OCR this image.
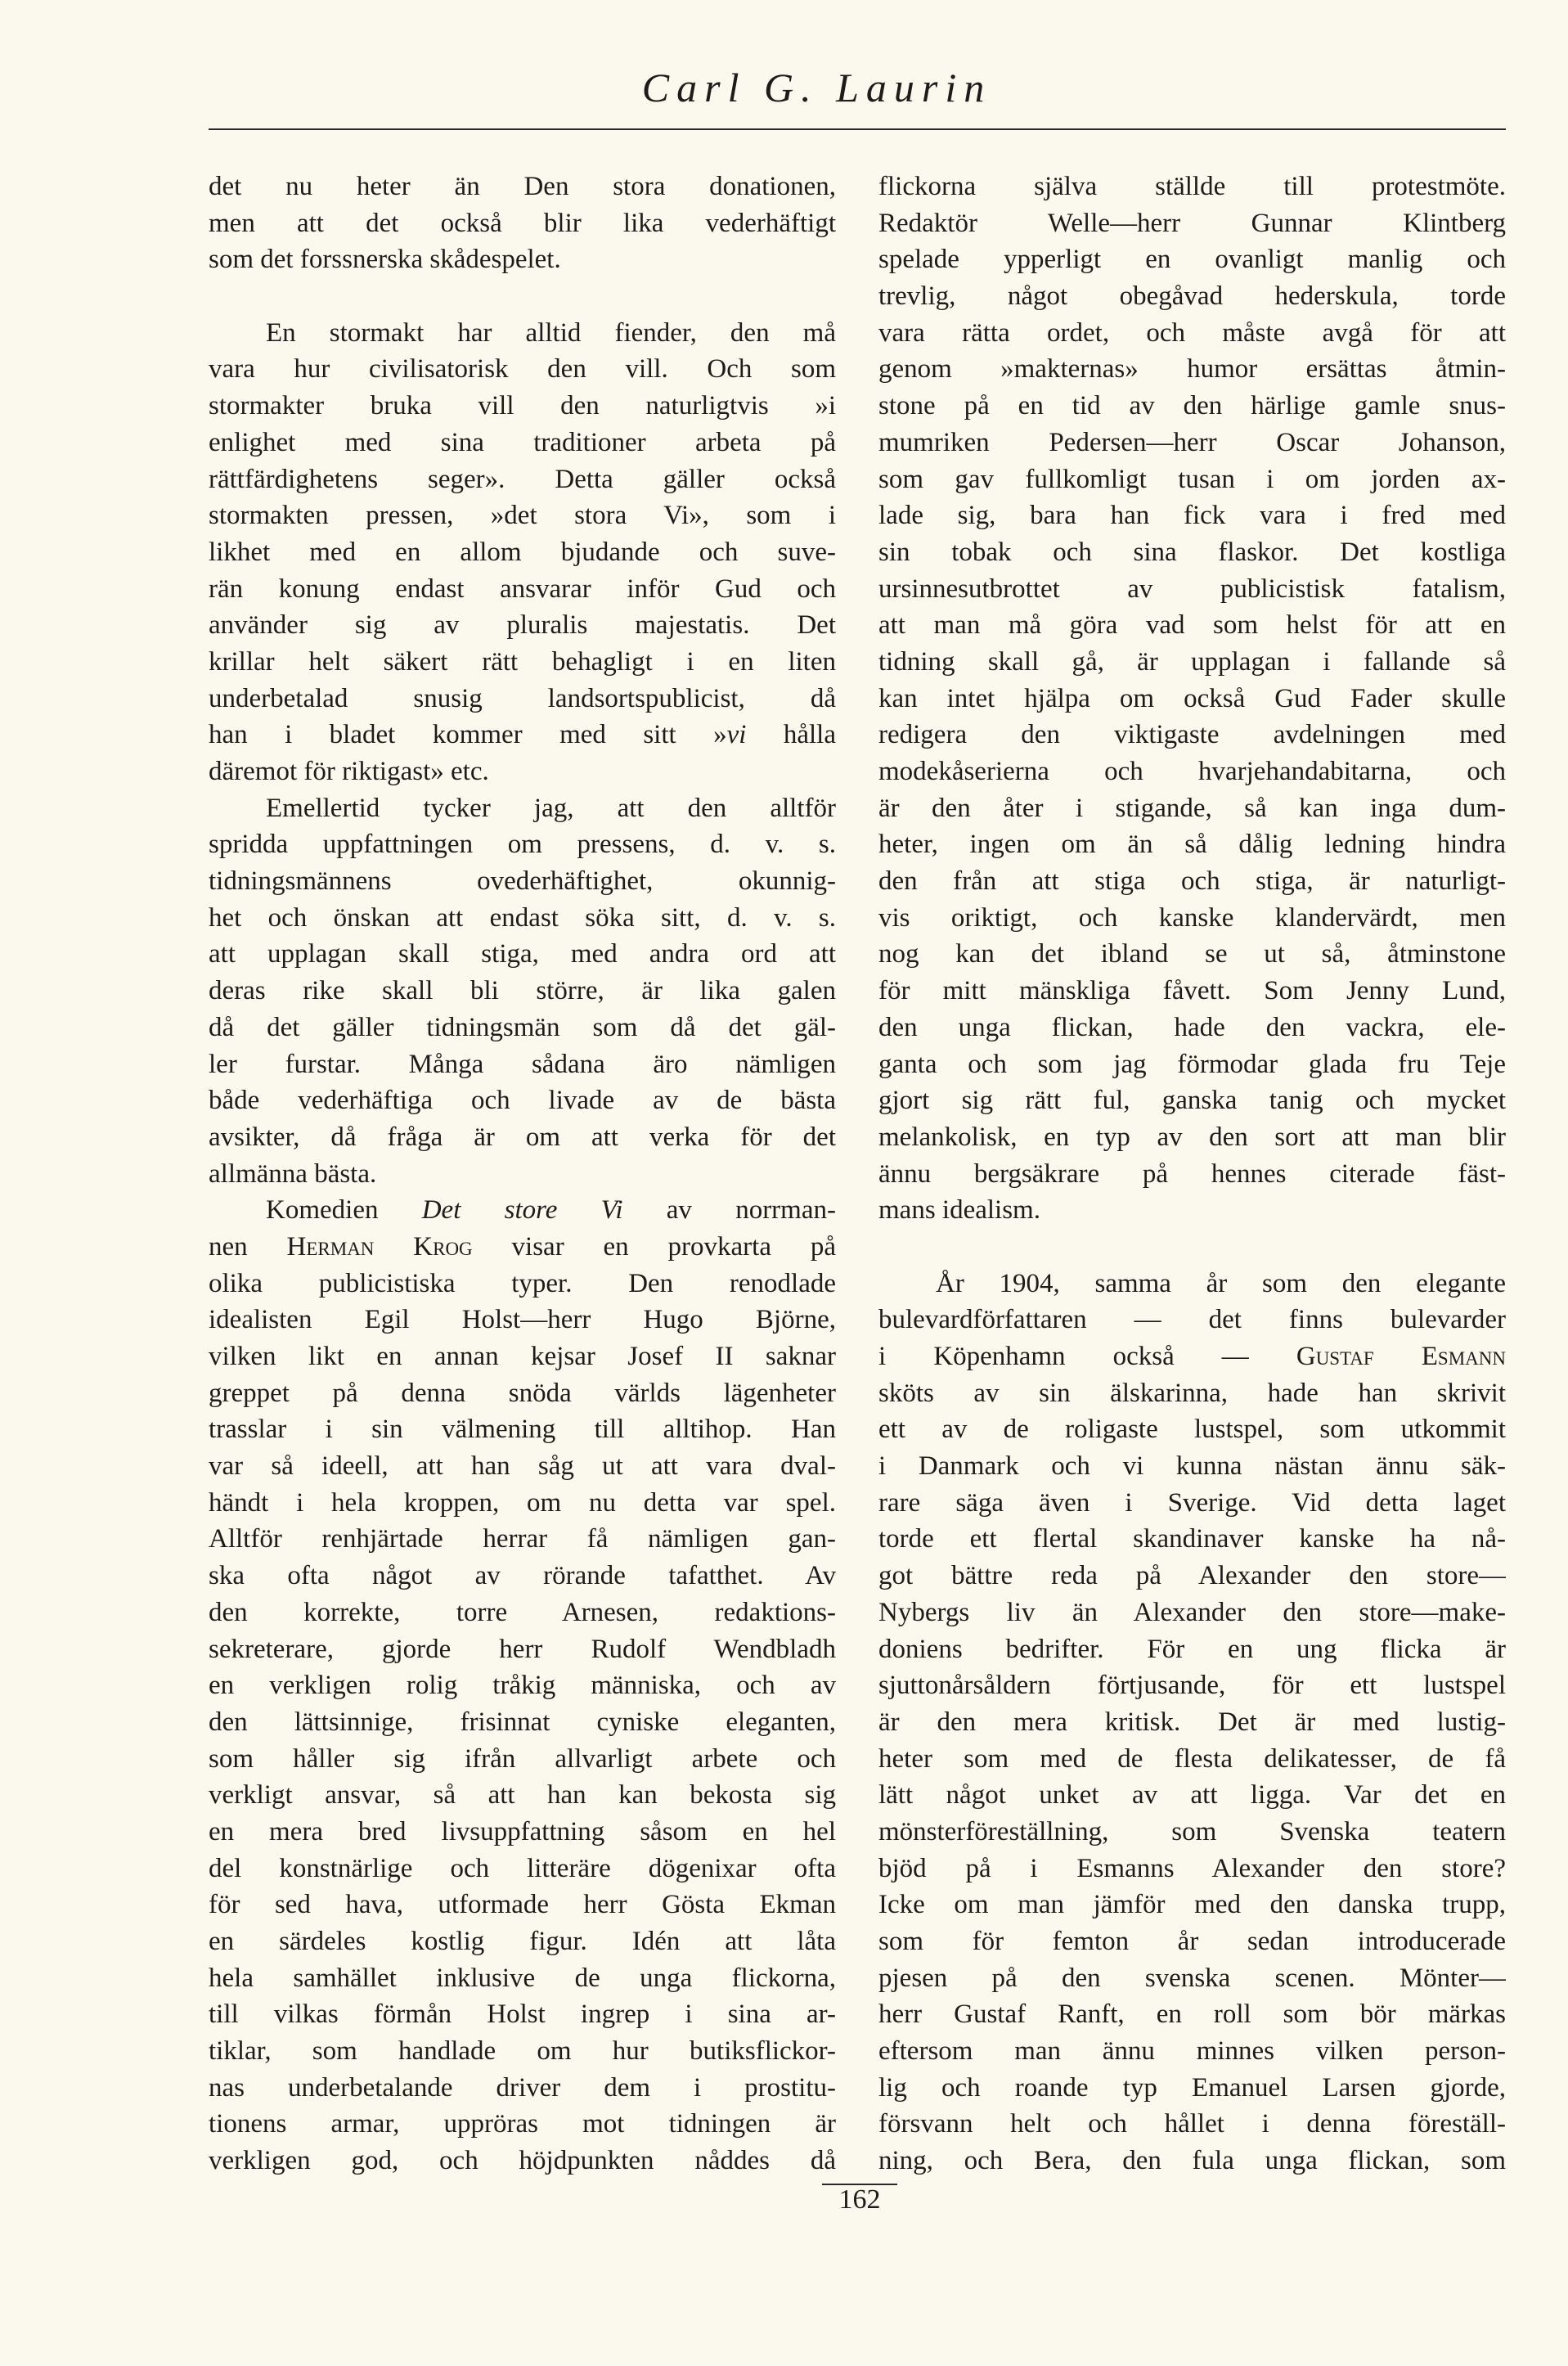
Carl G. Laurin
det nu heter än Den stora donationen,
men att det också blir lika vederhäftigt
som det forssnerska skådespelet.
En stormakt har alltid fiender, den må
vara hur civilisatorisk den vill. Och som
stormakter bruka vill den naturligtvis »i
enlighet med sina traditioner arbeta på
rättfärdighetens seger». Detta gäller också
stormakten pressen, »det stora Vi», som i
likhet med en allom bjudande och suve-
rän konung endast ansvarar inför Gud och
använder sig av pluralis majestatis. Det
krillar helt säkert rätt behagligt i en liten
underbetalad snusig landsortspublicist, då
han i bladet kommer med sitt »vi hålla
däremot för riktigast» etc.
Emellertid tycker jag, att den alltför
spridda uppfattningen om pressens, d. v. s.
tidningsmännens ovederhäftighet, okunnig-
het och önskan att endast söka sitt, d. v. s.
att upplagan skall stiga, med andra ord att
deras rike skall bli större, är lika galen
då det gäller tidningsmän som då det gäl-
ler furstar. Många sådana äro nämligen
både vederhäftiga och livade av de bästa
avsikter, då fråga är om att verka för det
allmänna bästa.
Komedien Det store Vi av norrman-
nen Herman Krog visar en provkarta på
olika publicistiska typer. Den renodlade
idealisten Egil Holst—herr Hugo Björne,
vilken likt en annan kejsar Josef II saknar
greppet på denna snöda världs lägenheter
trasslar i sin välmening till alltihop. Han
var så ideell, att han såg ut att vara dval-
händt i hela kroppen, om nu detta var spel.
Alltför renhjärtade herrar få nämligen gan-
ska ofta något av rörande tafatthet. Av
den korrekte, torre Arnesen, redaktions-
sekreterare, gjorde herr Rudolf Wendbladh
en verkligen rolig tråkig människa, och av
den lättsinnige, frisinnat cyniske eleganten,
som håller sig ifrån allvarligt arbete och
verkligt ansvar, så att han kan bekosta sig
en mera bred livsuppfattning såsom en hel
del konstnärlige och litteräre dögenixar ofta
för sed hava, utformade herr Gösta Ekman
en särdeles kostlig figur. Idén att låta
hela samhället inklusive de unga flickorna,
till vilkas förmån Holst ingrep i sina ar-
tiklar, som handlade om hur butiksflickor-
nas underbetalande driver dem i prostitu-
tionens armar, uppröras mot tidningen är
verkligen god, och höjdpunkten nåddes då
flickorna själva ställde till protestmöte.
Redaktör Welle—herr Gunnar Klintberg
spelade ypperligt en ovanligt manlig och
trevlig, något obegåvad hederskula, torde
vara rätta ordet, och måste avgå för att
genom »makternas» humor ersättas åtmin-
stone på en tid av den härlige gamle snus-
mumriken Pedersen—herr Oscar Johanson,
som gav fullkomligt tusan i om jorden ax-
lade sig, bara han fick vara i fred med
sin tobak och sina flaskor. Det kostliga
ursinnesutbrottet av publicistisk fatalism,
att man må göra vad som helst för att en
tidning skall gå, är upplagan i fallande så
kan intet hjälpa om också Gud Fader skulle
redigera den viktigaste avdelningen med
modekåserierna och hvarjehandabitarna, och
är den åter i stigande, så kan inga dum-
heter, ingen om än så dålig ledning hindra
den från att stiga och stiga, är naturligt-
vis oriktigt, och kanske klandervärdt, men
nog kan det ibland se ut så, åtminstone
för mitt mänskliga fåvett. Som Jenny Lund,
den unga flickan, hade den vackra, ele-
ganta och som jag förmodar glada fru Teje
gjort sig rätt ful, ganska tanig och mycket
melankolisk, en typ av den sort att man blir
ännu bergsäkrare på hennes citerade fäst-
mans idealism.
År 1904, samma år som den elegante
bulevardförfattaren — det finns bulevarder
i Köpenhamn också — Gustaf Esmann
sköts av sin älskarinna, hade han skrivit
ett av de roligaste lustspel, som utkommit
i Danmark och vi kunna nästan ännu säk-
rare säga även i Sverige. Vid detta laget
torde ett flertal skandinaver kanske ha nå-
got bättre reda på Alexander den store—
Nybergs liv än Alexander den store—make-
doniens bedrifter. För en ung flicka är
sjuttonårsåldern förtjusande, för ett lustspel
är den mera kritisk. Det är med lustig-
heter som med de flesta delikatesser, de få
lätt något unket av att ligga. Var det en
mönsterföreställning, som Svenska teatern
bjöd på i Esmanns Alexander den store?
Icke om man jämför med den danska trupp,
som för femton år sedan introducerade
pjesen på den svenska scenen. Mönter—
herr Gustaf Ranft, en roll som bör märkas
eftersom man ännu minnes vilken person-
lig och roande typ Emanuel Larsen gjorde,
försvann helt och hållet i denna föreställ-
ning, och Bera, den fula unga flickan, som
162
